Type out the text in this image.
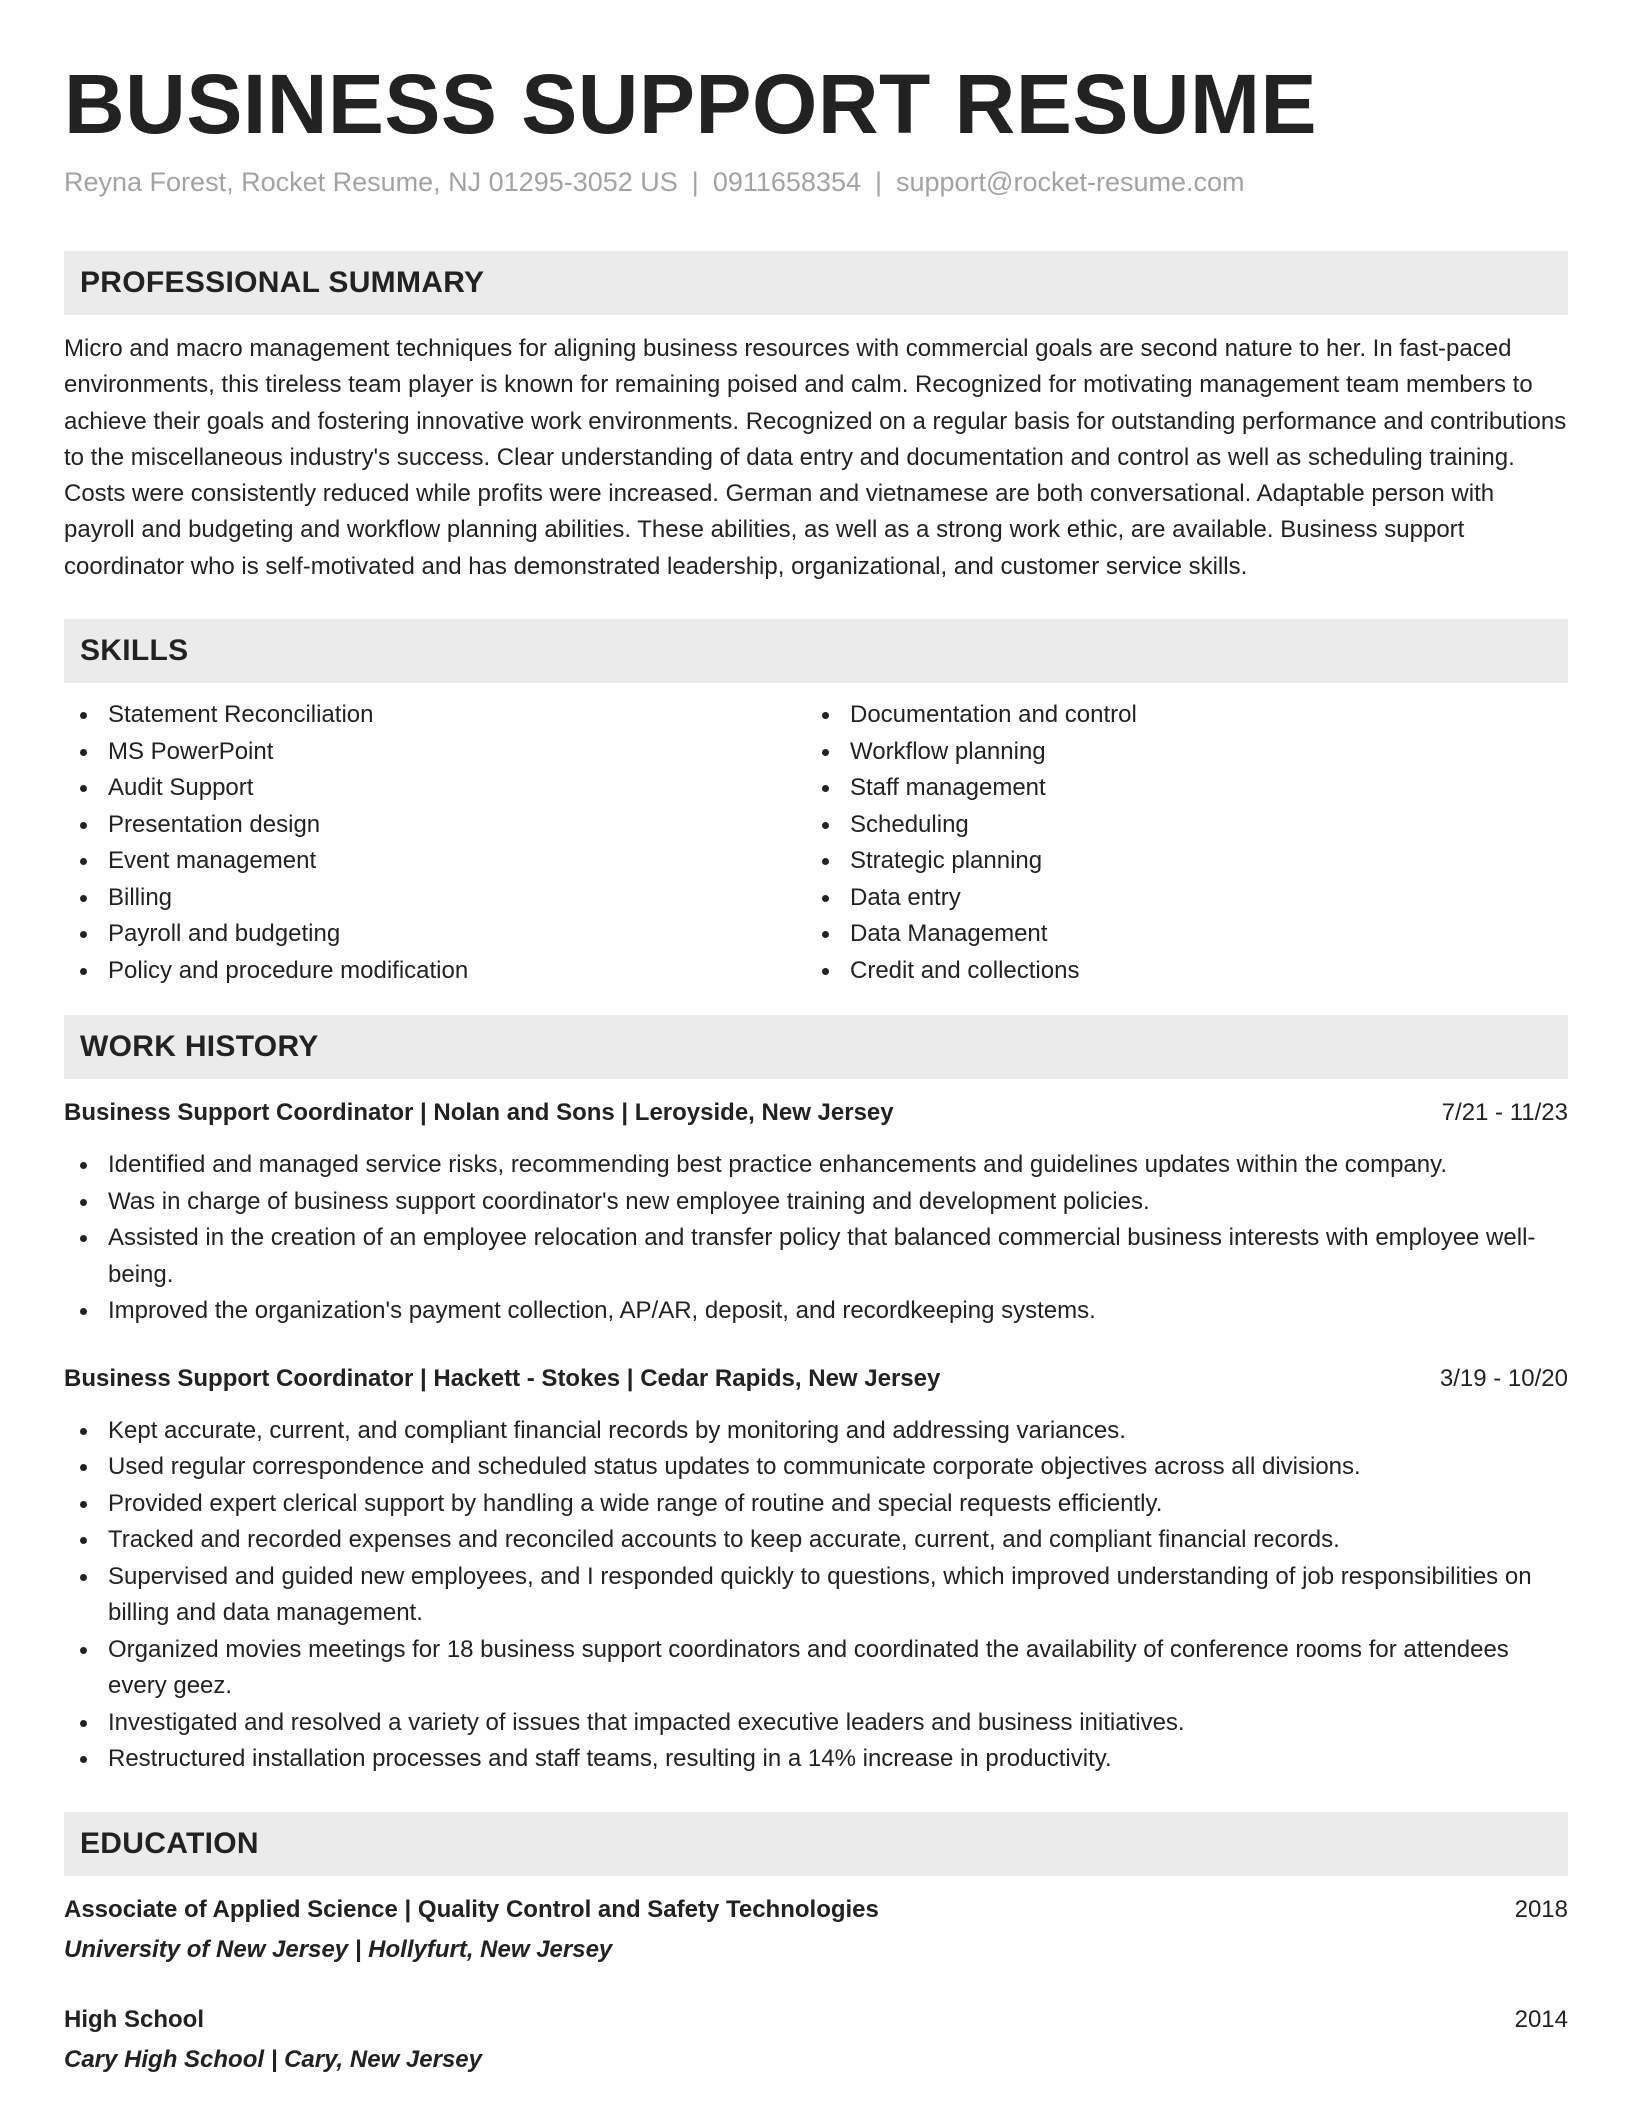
BUSINESS SUPPORT RESUME
Reyna Forest, Rocket Resume, NJ 01295-3052 US | 0911658354 | support@rocket-resume.com
PROFESSIONAL SUMMARY

Micro and macro management techniques for aligning business resources with commercial goals are second nature to her. In fast-paced environments, this tireless team player is known for remaining poised and calm. Recognized for motivating management team members to achieve their goals and fostering innovative work environments. Recognized on a regular basis for outstanding performance and contributions to the miscellaneous industry's success. Clear understanding of data entry and documentation and control as well as scheduling training. Costs were consistently reduced while profits were increased. German and vietnamese are both conversational. Adaptable person with payroll and budgeting and workflow planning abilities. These abilities, as well as a strong work ethic, are available. Business support coordinator who is self-motivated and has demonstrated leadership, organizational, and customer service skills.

SKILLS
Statement Reconciliation
MS PowerPoint
Audit Support
Presentation design
Event management
Billing
Payroll and budgeting
Policy and procedure modification
Documentation and control
Workflow planning
Staff management
Scheduling
Strategic planning
Data entry
Data Management
Credit and collections
WORK HISTORY
Business Support Coordinator | Nolan and Sons | Leroyside, New Jersey	7/21 - 11/23
Identified and managed service risks, recommending best practice enhancements and guidelines updates within the company.
Was in charge of business support coordinator's new employee training and development policies.
Assisted in the creation of an employee relocation and transfer policy that balanced commercial business interests with employee well-being.
Improved the organization's payment collection, AP/AR, deposit, and recordkeeping systems.
Business Support Coordinator | Hackett - Stokes | Cedar Rapids, New Jersey	3/19 - 10/20
Kept accurate, current, and compliant financial records by monitoring and addressing variances.
Used regular correspondence and scheduled status updates to communicate corporate objectives across all divisions.
Provided expert clerical support by handling a wide range of routine and special requests efficiently.
Tracked and recorded expenses and reconciled accounts to keep accurate, current, and compliant financial records.
Supervised and guided new employees, and I responded quickly to questions, which improved understanding of job responsibilities on billing and data management.
Organized movies meetings for 18 business support coordinators and coordinated the availability of conference rooms for attendees every geez.
Investigated and resolved a variety of issues that impacted executive leaders and business initiatives.
Restructured installation processes and staff teams, resulting in a 14% increase in productivity.
EDUCATION
Associate of Applied Science | Quality Control and Safety Technologies	2018
University of New Jersey | Hollyfurt, New Jersey
High School	2014
Cary High School | Cary, New Jersey
